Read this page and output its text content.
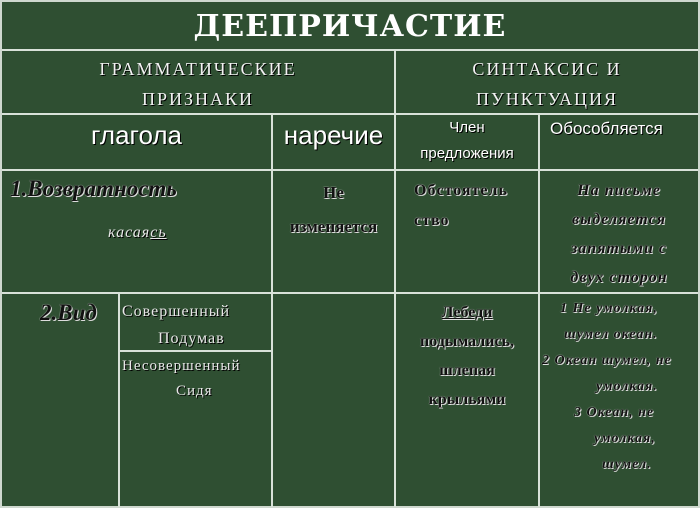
ДЕЕПРИЧАСТИЕ
ГРАММАТИЧЕСКИЕ
ПРИЗНАКИ
СИНТАКСИС И
ПУНКТУАЦИЯ
глагола	наречие	Член
предложения
Обособляется
1.Возвратность
касаясь
Не
изменяется
Обстоятель
ство
На письме
выделяется
запятыми с
двух сторон
2.Вид Совершенный
Подумав
Несовершенный
Сидя
Лебеди
подымались,
шлепая
крыльями
1 Не умолкая,
шумел океан.
2 Океан шумел, не
умолкая.
3 Океан, не
умолкая,
шумел.
